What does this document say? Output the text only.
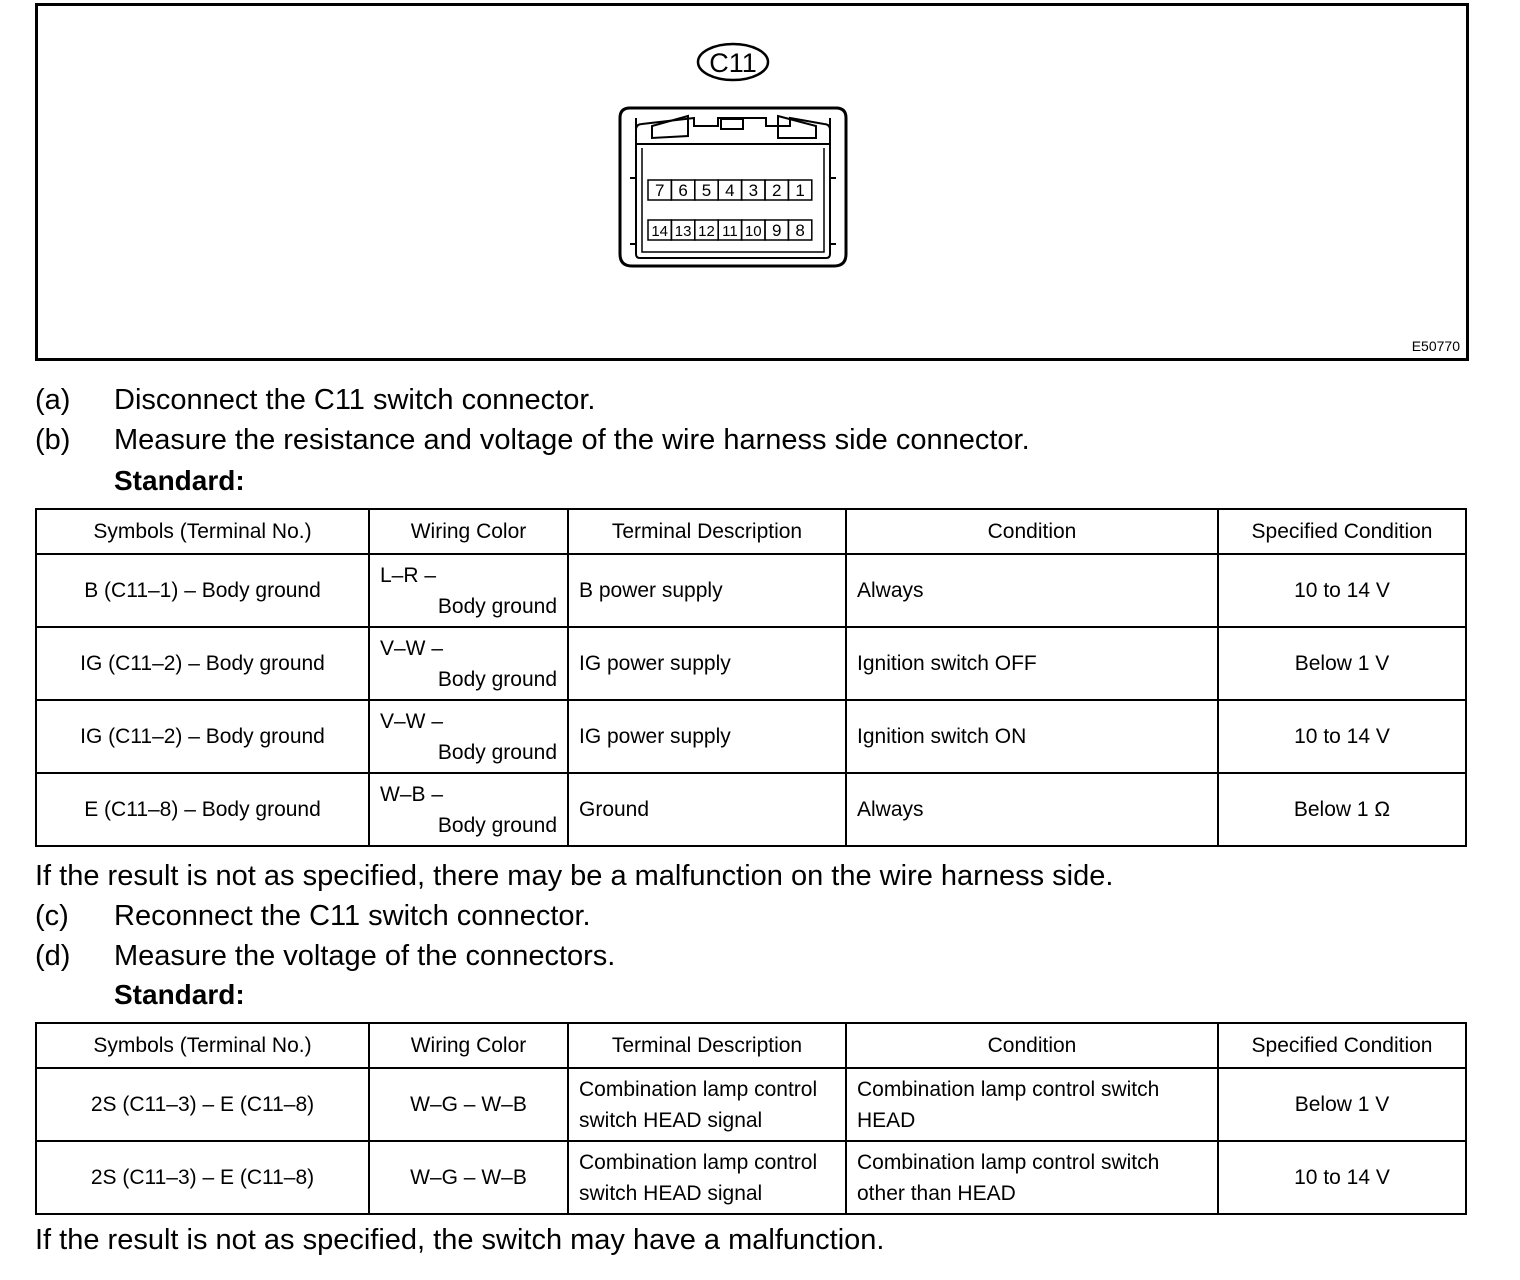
C11
7 6 5 4 3 2 1
14 13 12 11 10 9 8
E50770
(a) Disconnect the C11 switch connector.
(b) Measure the resistance and voltage of the wire harness side connector.
Standard:
Symbols (Terminal No.)	Wiring Color	Terminal Description	Condition	Specified Condition
B (C11–1) – Body ground	L–R –
Body ground	B power supply	Always	10 to 14 V
IG (C11–2) – Body ground	V–W –
Body ground	IG power supply	Ignition switch OFF	Below 1 V
IG (C11–2) – Body ground	V–W –
Body ground	IG power supply	Ignition switch ON	10 to 14 V
E (C11–8) – Body ground	W–B –
Body ground	Ground	Always	Below 1 Ω
If the result is not as specified, there may be a malfunction on the wire harness side.
(c) Reconnect the C11 switch connector.
(d) Measure the voltage of the connectors.
Standard:
Symbols (Terminal No.)	Wiring Color	Terminal Description	Condition	Specified Condition
2S (C11–3) – E (C11–8)	W–G – W–B	Combination lamp control
switch HEAD signal	Combination lamp control switch
HEAD	Below 1 V
2S (C11–3) – E (C11–8)	W–G – W–B	Combination lamp control
switch HEAD signal	Combination lamp control switch
other than HEAD	10 to 14 V
If the result is not as specified, the switch may have a malfunction.
